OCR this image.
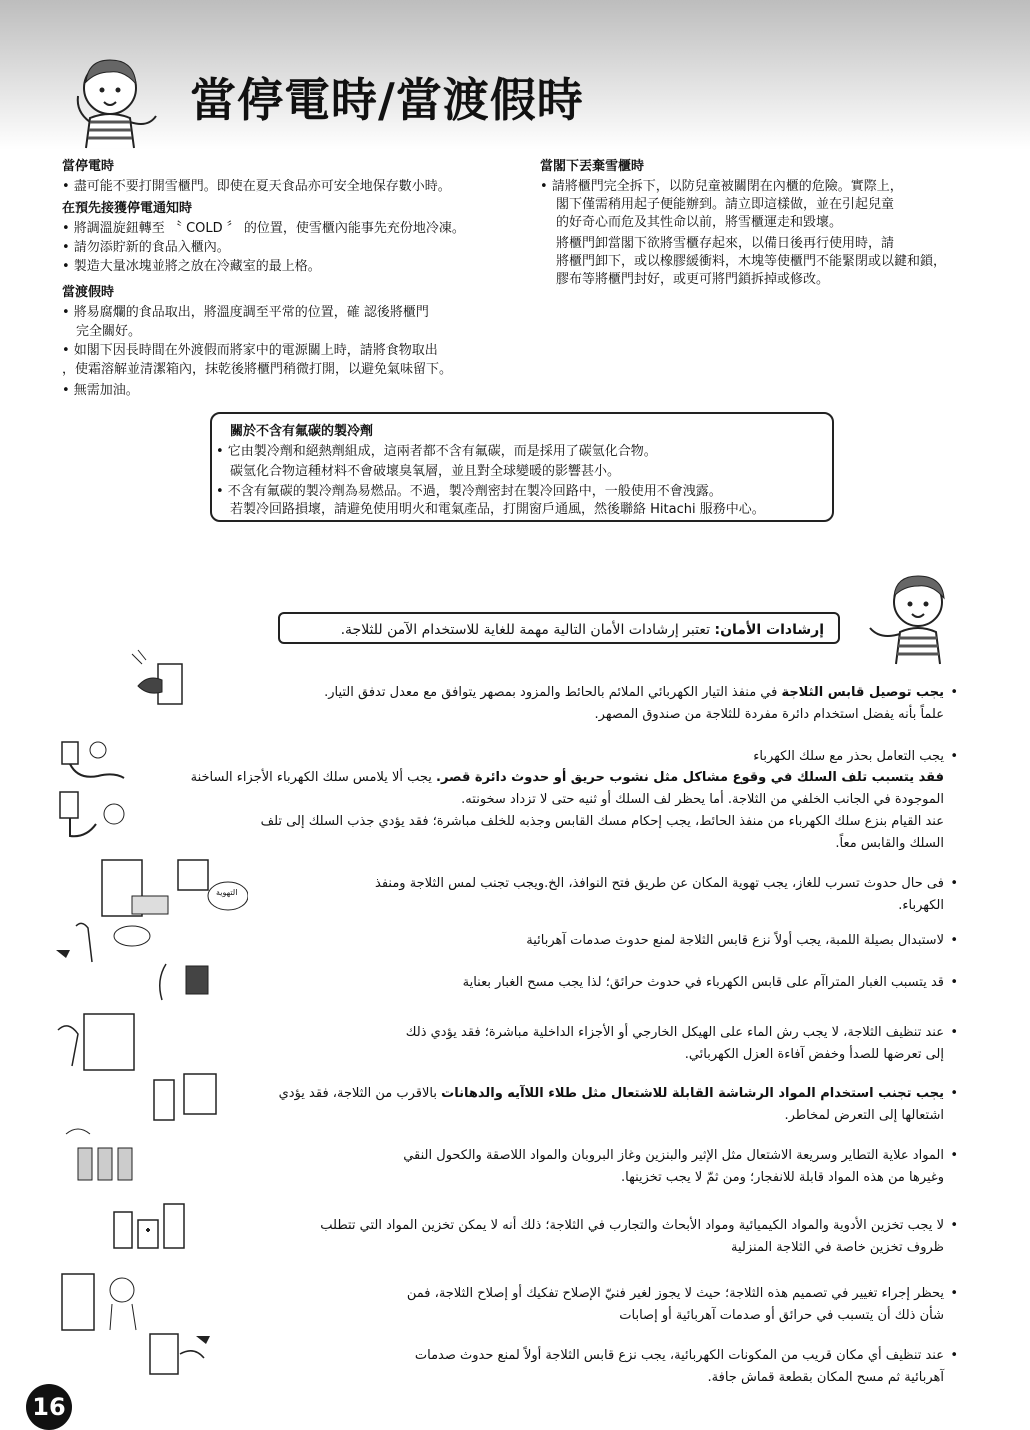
當停電時/當渡假時
當停電時
• 盡可能不要打開雪櫃門。即使在夏天食品亦可安全地保存數小時。
在預先接獲停電通知時
• 將調溫旋鈕轉至 〝 COLD 〞 的位置，使雪櫃內能事先充份地冷凍。
• 請勿添貯新的食品入櫃內。
• 製造大量冰塊並將之放在冷藏室的最上格。
當渡假時
• 將易腐爛的食品取出，將溫度調至平常的位置，確 認後將櫃門
完全關好。
• 如閣下因長時間在外渡假而將家中的電源關上時，請將食物取出
，使霜溶解並清潔箱內，抹乾後將櫃門稍微打開，以避免氣味留下。
• 無需加油。
當閣下丟棄雪櫃時
• 請將櫃門完全拆下，以防兒童被關閉在內櫃的危險。實際上，
閣下僅需稍用起子便能辦到。請立即這樣做，並在引起兒童
的好奇心而危及其性命以前，將雪櫃運走和毀壞。
將櫃門卸當閣下欲將雪櫃存起來，以備日後再行使用時，請
將櫃門卸下，或以橡膠緩衝料，木塊等使櫃門不能緊閉或以鍵和鎖，
膠布等將櫃門封好，或更可將門鎖拆掉或修改。
關於不含有氟碳的製冷劑
• 它由製冷劑和絕熱劑組成，這兩者都不含有氟碳，而是採用了碳氫化合物。
碳氫化合物這種材料不會破壞臭氧層，並且對全球變暖的影響甚小。
• 不含有氟碳的製冷劑為易燃品。不過，製冷劑密封在製冷回路中，一般使用不會洩露。
若製冷回路損壞，請避免使用明火和電氣產品，打開窗戶通風，然後聯絡 Hitachi 服務中心。
إرشادات الأمان: تعتبر إرشادات الأمان التالية مهمة للغاية للاستخدام الآمن للثلاجة.
• يجب توصيل قابس الثلاجة في منفذ التيار الكهربائي الملائم بالحائط والمزود بمصهر يتوافق مع معدل تدفق التيار.
علماً بأنه يفضل استخدام دائرة مفردة للثلاجة من صندوق المصهر.
• يجب التعامل بحذر مع سلك الكهرباء
فقد يتسبب تلف السلك في وقوع مشاكل مثل نشوب حريق أو حدوث دائرة قصر. يجب ألا يلامس سلك الكهرباء الأجزاء الساخنة
الموجودة في الجانب الخلفي من الثلاجة. أما يحظر لف السلك أو ثنيه حتى لا تزداد سخونته.
عند القيام بنزع سلك الكهرباء من منفذ الحائط، يجب إحكام مسك القابس وجذبه للخلف مباشرة؛ فقد يؤدي جذب السلك إلى تلف
السلك والقابس معاً.
• فى حال حدوث تسرب للغاز، يجب تهوية المكان عن طريق فتح النوافذ، الخ.ويجب تجنب لمس الثلاجة ومنفذ
الكهرباء.
• لاستبدال بصيلة اللمبة، يجب أولاً نزع قابس الثلاجة لمنع حدوث صدمات آهربائية
• قد يتسبب الغبار المتراآم على قابس الكهرباء في حدوث حرائق؛ لذا يجب مسح الغبار بعناية
• عند تنظيف الثلاجة، لا يجب رش الماء على الهيكل الخارجي أو الأجزاء الداخلية مباشرة؛ فقد يؤدي ذلك
إلى تعرضها للصدأ وخفض آفاءة العزل الكهربائي.
• يجب تجنب استخدام المواد الرشاشة القابلة للاشتعال مثل طلاء اللاآيه والدهانات بالاقرب من الثلاجة، فقد يؤدي
اشتعالها إلى التعرض لمخاطر.
• المواد علاية التطاير وسريعة الاشتعال مثل الإثير والبنزين وغاز البروبان والمواد اللاصقة والكحول النقي
وغيرها من هذه المواد قابلة للانفجار؛ ومن ثمّ لا يجب تخزينها.
• لا يجب تخزين الأدوية والمواد الكيميائية ومواد الأبحاث والتجارب في الثلاجة؛ ذلك أنه لا يمكن تخزين المواد التي تتطلب
ظروف تخزين خاصة في الثلاجة المنزلية
• يحظر إجراء تغيير في تصميم هذه الثلاجة؛ حيث لا يجوز لغير فنيّ الإصلاح تفكيك أو إصلاح الثلاجة، فمن
شأن ذلك أن يتسبب في حرائق أو صدمات آهربائية أو إصابات
• عند تنظيف أي مكان قريب من المكونات الكهربائية، يجب نزع قابس الثلاجة أولاً لمنع حدوث صدمات
آهربائية ثم مسح المكان بقطعة قماش جافة.
التهوية
16
